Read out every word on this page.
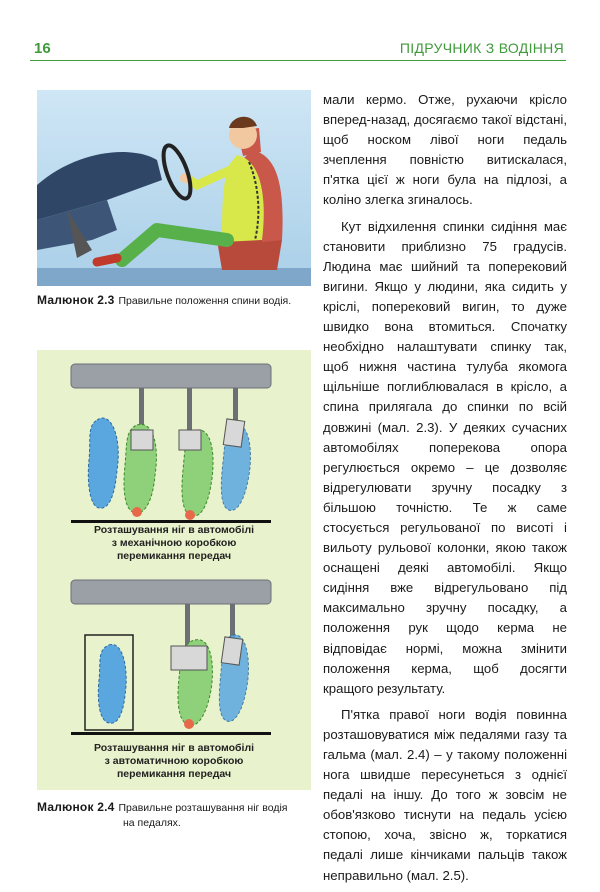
16	ПІДРУЧНИК З ВОДІННЯ
Малюнок 2.3 Правильне положення спини водія.
Розташування ніг в автомобілі
з механічною коробкою
перемикання передач
Розташування ніг в автомобілі
з автоматичною коробкою
перемикання передач
Малюнок 2.4 Правильне розташування ніг водія
на педалях.

мали кермо. Отже, рухаючи крісло вперед-назад, досягаємо такої відстані, щоб носком лівої ноги педаль зчеплення повністю витискалася, п'ятка цієї ж ноги була на підлозі, а коліно злегка згиналось.

Кут відхилення спинки сидіння має становити приблизно 75 градусів. Людина має шийний та поперековий вигини. Якщо у людини, яка сидить у кріслі, поперековий вигин, то дуже швидко вона втомиться. Спочатку необхідно налаштувати спинку так, щоб нижня частина тулуба якомога щільніше поглиблювалася в крісло, а спина прилягала до спинки по всій довжині (мал. 2.3). У деяких сучасних автомобілях поперекова опора регулюється окремо – це дозволяє відрегулювати зручну посадку з більшою точністю. Те ж саме стосується регульованої по висоті і вильоту рульової колонки, якою також оснащені деякі автомобілі. Якщо сидіння вже відрегульовано під максимально зручну посадку, а положення рук щодо керма не відповідає нормі, можна змінити положення керма, щоб досягти кращого результату.

П'ятка правої ноги водія повинна розташовуватися між педалями газу та гальма (мал. 2.4) – у такому положенні нога швидше пересунеться з однієї педалі на іншу. До того ж зовсім не обов'язково тиснути на педаль усією стопою, хоча, звісно ж, торкатися педалі лише кінчиками пальців також неправильно (мал. 2.5).
